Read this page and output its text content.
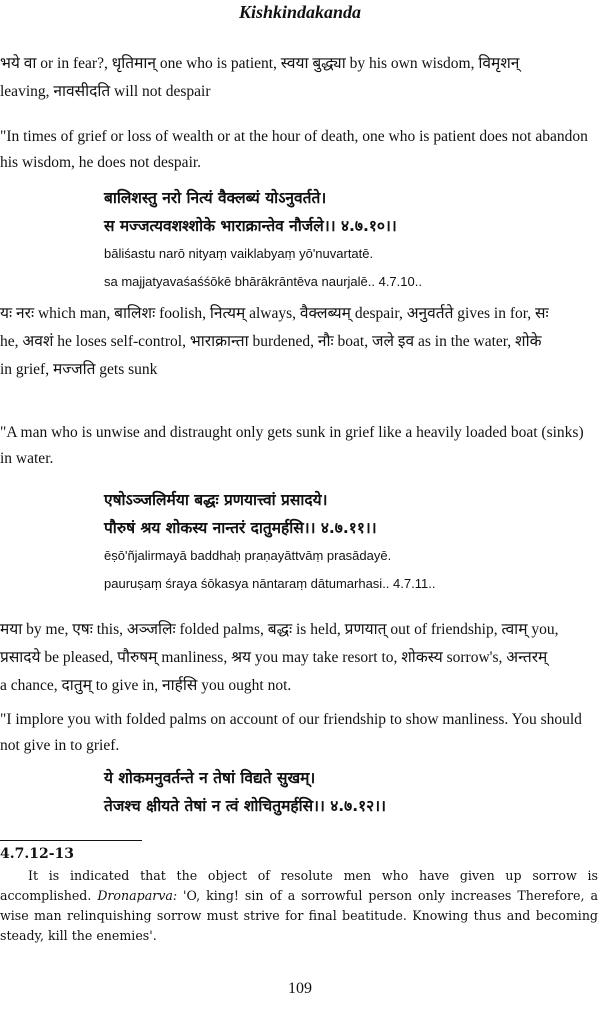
Kishkindakanda

भये वा or in fear?, धृतिमान् one who is patient, स्वया बुद्ध्या by his own wisdom, विमृशन्
leaving, नावसीदति will not despair

"In times of grief or loss of wealth or at the hour of death, one who is patient does not abandon
his wisdom, he does not despair.

बालिशस्तु नरो नित्यं वैक्लब्यं योऽनुवर्तते।
स मज्जत्यवशश्शोके भाराक्रान्तेव नौर्जले।। ४.७.१०।।
bāliśastu narō nityaṃ vaiklabyaṃ yō'nuvartatē.
sa majjatyavaśaśśōkē bhārākrāntēva naurjalē.. 4.7.10..

यः नरः which man, बालिशः foolish, नित्यम् always, वैक्लब्यम् despair, अनुवर्तते gives in for, सः
he, अवशं he loses self-control, भाराक्रान्ता burdened, नौः boat, जले इव as in the water, शोके
in grief, मज्जति gets sunk

"A man who is unwise and distraught only gets sunk in grief like a heavily loaded boat (sinks)
in water.

एषोऽञ्जलिर्मया बद्धः प्रणयात्त्वां प्रसादये।
पौरुषं श्रय शोकस्य नान्तरं दातुमर्हसि।। ४.७.११।।
ēṣō'ñjalirmayā baddhaḥ praṇayāttvāṃ prasādayē.
pauruṣaṃ śraya śōkasya nāntaraṃ dātumarhasi.. 4.7.11..

मया by me, एषः this, अञ्जलिः folded palms, बद्धः is held, प्रणयात् out of friendship, त्वाम् you,
प्रसादये be pleased, पौरुषम् manliness, श्रय you may take resort to, शोकस्य sorrow's, अन्तरम्
a chance, दातुम् to give in, नार्हसि you ought not.

"I implore you with folded palms on account of our friendship to show manliness. You should
not give in to grief.

ये शोकमनुवर्तन्ते न तेषां विद्यते सुखम्।
तेजश्च क्षीयते तेषां न त्वं शोचितुमर्हसि।। ४.७.१२।।
4.7.12-13

It is indicated that the object of resolute men who have given up sorrow is accomplished. Dronaparva: 'O, king! sin of a sorrowful person only increases Therefore, a wise man relinquishing sorrow must strive for final beatitude. Knowing thus and becoming steady, kill the enemies'.

109
